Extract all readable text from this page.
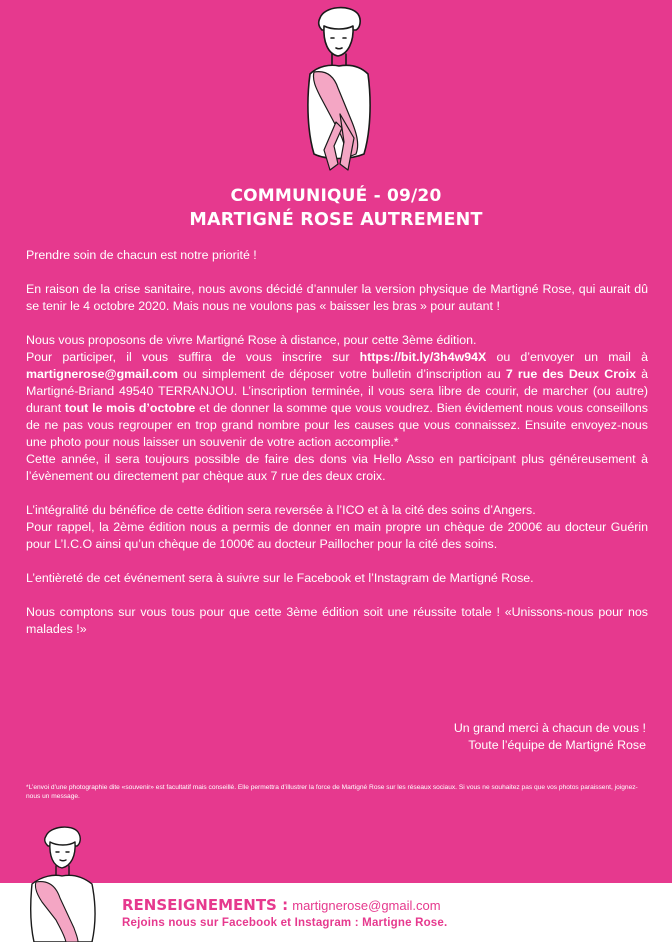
COMMUNIQUÉ - 09/20
MARTIGNÉ ROSE AUTREMENT

Prendre soin de chacun est notre priorité !

En raison de la crise sanitaire, nous avons décidé d’annuler la version physique de Martigné Rose, qui aurait dû se tenir le 4 octobre 2020. Mais nous ne voulons pas « baisser les bras » pour autant !

Nous vous proposons de vivre Martigné Rose à distance, pour cette 3ème édition.

Pour participer, il vous suffira de vous inscrire sur https://bit.ly/3h4w94X ou d’envoyer un mail à martignerose@gmail.com ou simplement de déposer votre bulletin d’inscription au 7 rue des Deux Croix à Martigné-Briand 49540 TERRANJOU. L’inscription terminée, il vous sera libre de courir, de marcher (ou autre) durant tout le mois d’octobre et de donner la somme que vous voudrez. Bien évidement nous vous conseillons de ne pas vous regrouper en trop grand nombre pour les causes que vous connaissez. Ensuite envoyez-nous une photo pour nous laisser un souvenir de votre action accomplie.*

Cette année, il sera toujours possible de faire des dons via Hello Asso en participant plus généreusement à l’évènement ou directement par chèque aux 7 rue des deux croix.

L’intégralité du bénéfice de cette édition sera reversée à l’ICO et à la cité des soins d’Angers.

Pour rappel, la 2ème édition nous a permis de donner en main propre un chèque de 2000€ au docteur Guérin pour L’I.C.O ainsi qu’un chèque de 1000€ au docteur Paillocher pour la cité des soins.

L’entièreté de cet événement sera à suivre sur le Facebook et l’Instagram de Martigné Rose.

Nous comptons sur vous tous pour que cette 3ème édition soit une réussite totale ! «Unissons-nous pour nos malades !»

Un grand merci à chacun de vous !
Toute l’équipe de Martigné Rose
*L’envoi d’une photographie dite «souvenir» est facultatif mais conseillé. Elle permettra d’illustrer la force de Martigné Rose sur les réseaux sociaux. Si vous ne souhaitez pas que vos photos paraissent, joignez-nous un message.
RENSEIGNEMENTS : martignerose@gmail.com
Rejoins nous sur Facebook et Instagram : Martigne Rose.
